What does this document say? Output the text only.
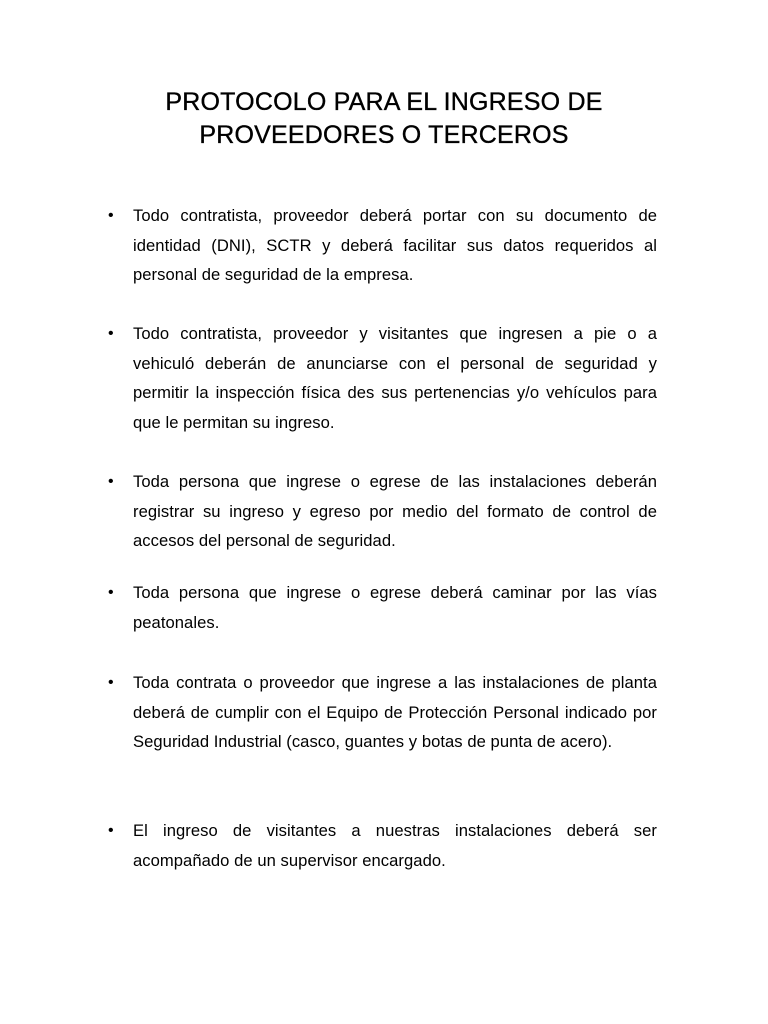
PROTOCOLO PARA EL INGRESO DE
PROVEEDORES O TERCEROS

• Todo contratista, proveedor deberá portar con su documento de identidad (DNI), SCTR y deberá facilitar sus datos requeridos al personal de seguridad de la empresa.

• Todo contratista, proveedor y visitantes que ingresen a pie o a vehiculó deberán de anunciarse con el personal de seguridad y permitir la inspección física des sus pertenencias y/o vehículos para que le permitan su ingreso.

• Toda persona que ingrese o egrese de las instalaciones deberán registrar su ingreso y egreso por medio del formato de control de accesos del personal de seguridad.

• Toda persona que ingrese o egrese deberá caminar por las vías peatonales.

• Toda contrata o proveedor que ingrese a las instalaciones de planta deberá de cumplir con el Equipo de Protección Personal indicado por Seguridad Industrial (casco, guantes y botas de punta de acero).

• El ingreso de visitantes a nuestras instalaciones deberá ser acompañado de un supervisor encargado.
